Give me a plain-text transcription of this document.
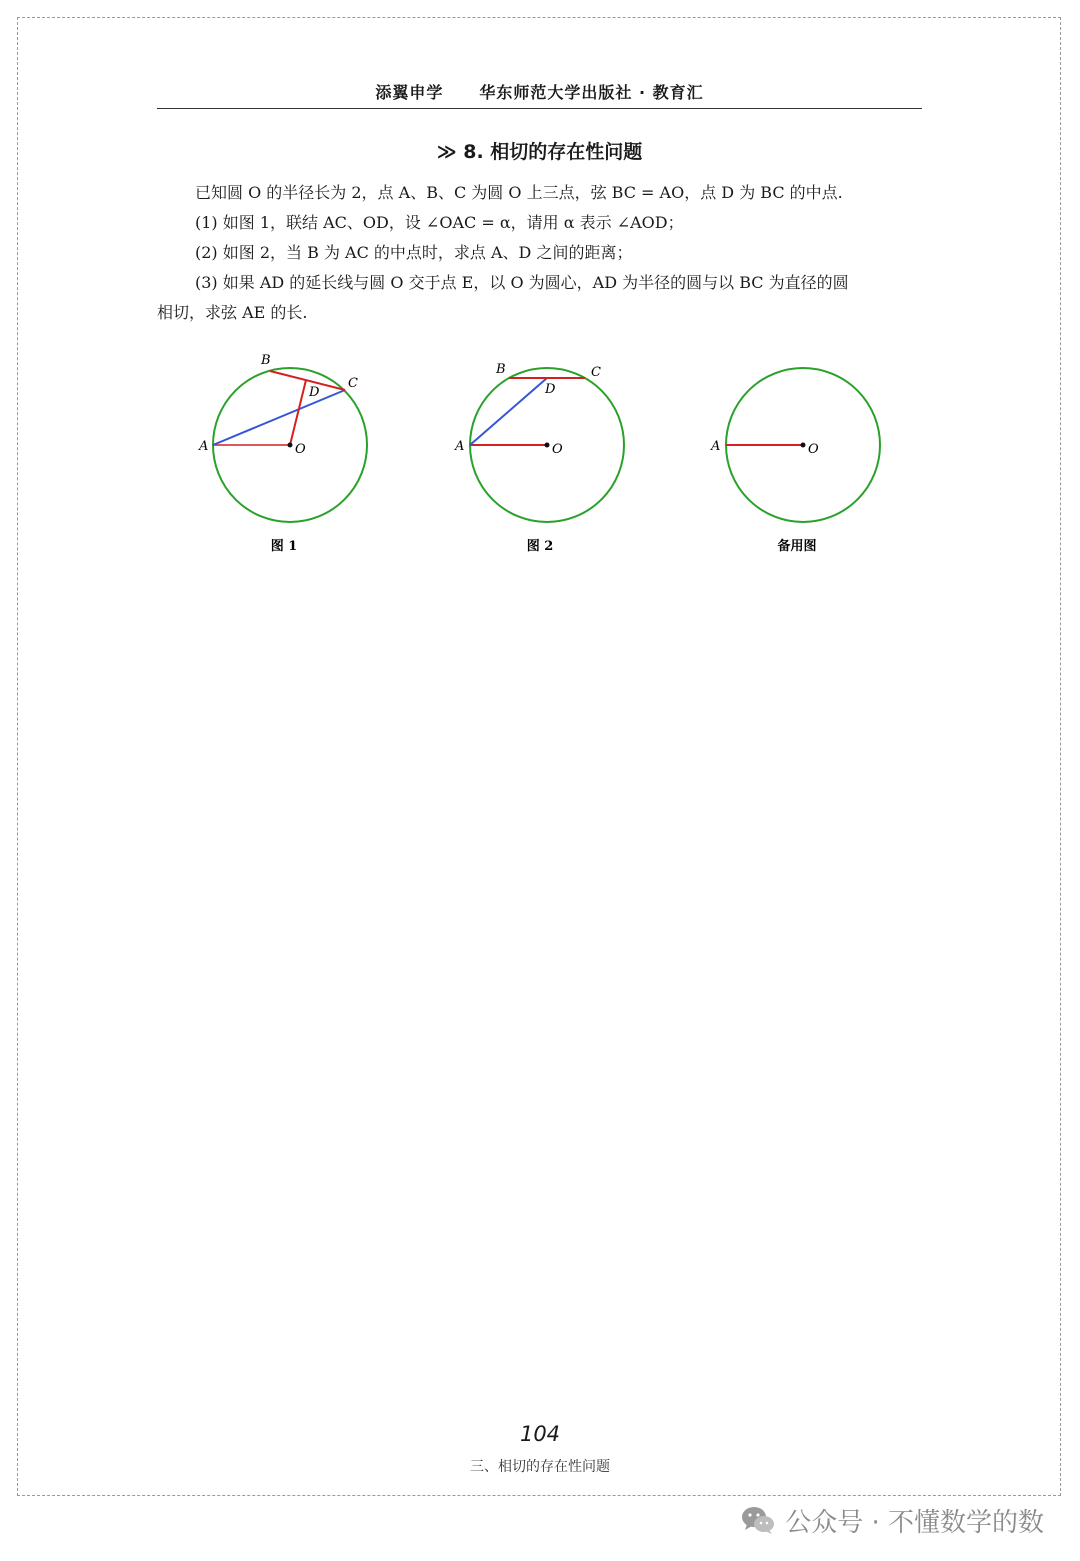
添翼申学 华东师范大学出版社 · 教育汇
≫ 8. 相切的存在性问题

已知圆 O 的半径长为 2，点 A、B、C 为圆 O 上三点，弦 BC = AO，点 D 为 BC 的中点.

(1) 如图 1，联结 AC、OD，设 ∠OAC = α，请用 α 表示 ∠AOD；

(2) 如图 2，当 B 为 AC 的中点时，求点 A、D 之间的距离；

(3) 如果 AD 的延长线与圆 O 交于点 E，以 O 为圆心，AD 为半径的圆与以 BC 为直径的圆

相切，求弦 AE 的长.

B
C
D
A	O
图 1
B	C
D
A	O
图 2
A	O
备用图
104
三、相切的存在性问题
公众号 · 不懂数学的数
